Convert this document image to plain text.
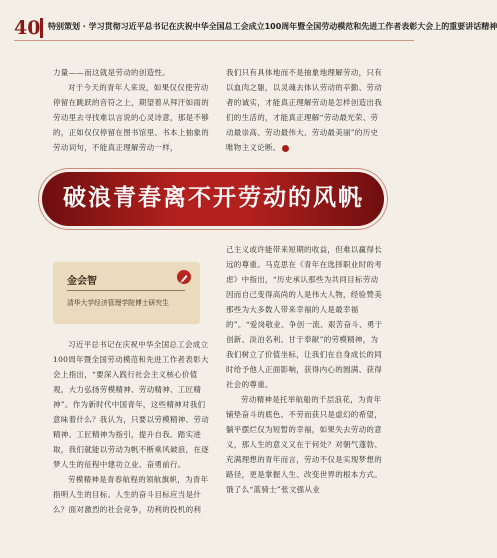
40 特别策划 · 学习贯彻习近平总书记在庆祝中华全国总工会成立100周年暨全国劳动模范和先进工作者表彰大会上的重要讲话精神

力量——而这就是劳动的创造性。

对于今天的青年人来说，如果仅仅使劳动停留在跳跃的音符之上，期望着从拜汗如雨的劳动里去寻找难以言说的心灵诗意，那是不够的，正如仅仅停留在图书馆里、书本上抽象的劳动词句，不能真正理解劳动一样，

我们只有具体地而不是抽象地理解劳动，只有以血肉之躯，以灵魂去体认劳动的辛勤、劳动者的诚实，才能真正理解劳动是怎样创造出我们的生活的，才能真正理解“劳动最光荣、劳动最崇高、劳动最伟大、劳动最美丽”的历史唯物主义论断。

破浪青春离不开劳动的风帆
金会智
清华大学经济管理学院博士研究生

习近平总书记在庆祝中华全国总工会成立100周年暨全国劳动模范和先进工作者表彰大会上指出，“要深入践行社会主义核心价值观，大力弘扬劳模精神、劳动精神、工匠精神”。作为新时代中国青年，这些精神对我们意味着什么？我认为，只要以劳模精神、劳动精神、工匠精神为指引，提升自我、踏实进取，我们就能以劳动为帆不断乘风破浪，在逐梦人生的征程中建功立业、奋勇前行。

劳模精神是青春航程的领航旗帜，为青年指明人生的目标。人生的奋斗目标应当是什么？面对激烈的社会竞争，功利的投机的利

己主义或许能带来短期的收益，但难以赢得长远的尊重。马克思在《青年在选择职业时的考虑》中指出，“历史承认那些为共同目标劳动因而自己变得高尚的人是伟大人物，经验赞美那些为大多数人带来幸福的人是最幸福的”。“爱岗敬业、争创一流、艰苦奋斗、勇于创新、淡泊名利、甘于奉献”的劳模精神，为我们树立了价值坐标，让我们在自身成长的同时给予他人正面影响，获得内心的圆满、获得社会的尊重。

劳动精神是托举航船的千层浪花，为青年铺垫奋斗的底色。不劳而获只是虚幻的希望，躺平摆烂仅为短暂的幸福，如果失去劳动的意义，那人生的意义又在于何处？对朝气蓬勃、充满理想的青年而言，劳动不仅是实现梦想的路径，更是掌握人生、改变世界的根本方式。饿了么“蓝骑士”张文强从业
